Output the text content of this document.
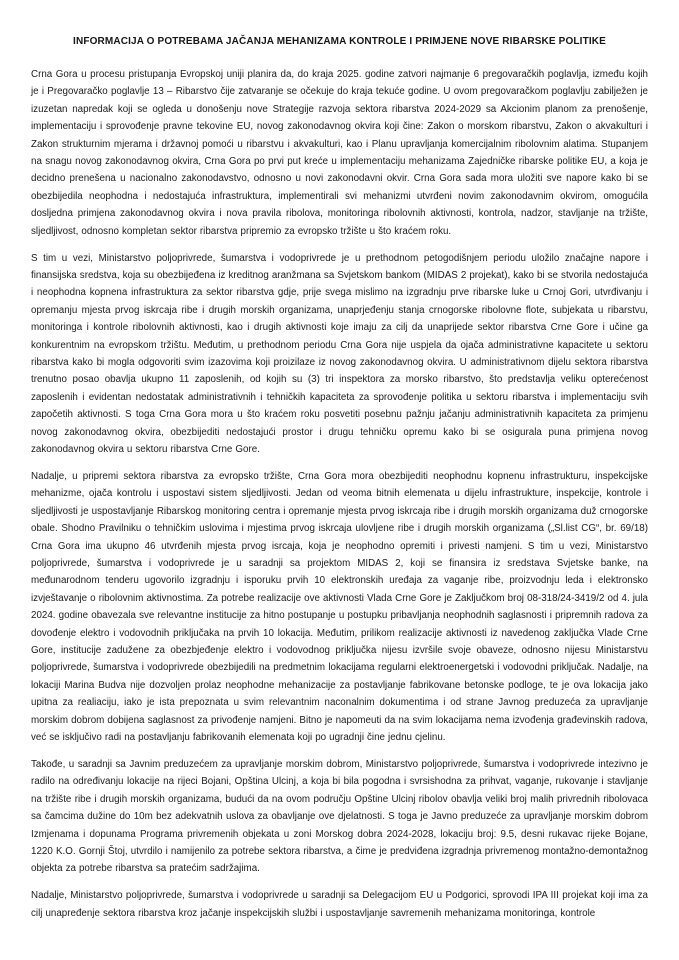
INFORMACIJA O POTREBAMA JAČANJA MEHANIZAMA KONTROLE I PRIMJENE NOVE RIBARSKE POLITIKE

Crna Gora u procesu pristupanja Evropskoj uniji planira da, do kraja 2025. godine zatvori najmanje 6 pregovaračkih poglavlja, između kojih je i Pregovaračko poglavlje 13 – Ribarstvo čije zatvaranje se očekuje do kraja tekuće godine. U ovom pregovaračkom poglavlju zabilježen je izuzetan napredak koji se ogleda u donošenju nove Strategije razvoja sektora ribarstva 2024-2029 sa Akcionim planom za prenošenje, implementaciju i sprovođenje pravne tekovine EU, novog zakonodavnog okvira koji čine: Zakon o morskom ribarstvu, Zakon o akvakulturi i Zakon strukturnim mjerama i državnoj pomoći u ribarstvu i akvakulturi, kao i Planu upravljanja komercijalnim ribolovnim alatima. Stupanjem na snagu novog zakonodavnog okvira, Crna Gora po prvi put kreće u implementaciju mehanizama Zajedničke ribarske politike EU, a koja je decidno prenešena u nacionalno zakonodavstvo, odnosno u novi zakonodavni okvir. Crna Gora sada mora uložiti sve napore kako bi se obezbijedila neophodna i nedostajuća infrastruktura, implementirali svi mehanizmi utvrđeni novim zakonodavnim okvirom, omogućila dosljedna primjena zakonodavnog okvira i nova pravila ribolova, monitoringa ribolovnih aktivnosti, kontrola, nadzor, stavljanje na tržište, sljedljivost, odnosno kompletan sektor ribarstva pripremio za evropsko tržište u što kraćem roku.

S tim u vezi, Ministarstvo poljoprivrede, šumarstva i vodoprivrede je u prethodnom petogodišnjem periodu uložilo značajne napore i finansijska sredstva, koja su obezbijeđena iz kreditnog aranžmana sa Svjetskom bankom (MIDAS 2 projekat), kako bi se stvorila nedostajuća i neophodna kopnena infrastruktura za sektor ribarstva gdje, prije svega mislimo na izgradnju prve ribarske luke u Crnoj Gori, utvrđivanju i opremanju mjesta prvog iskrcaja ribe i drugih morskih organizama, unaprjeđenju stanja crnogorske ribolovne flote, subjekata u ribarstvu, monitoringa i kontrole ribolovnih aktivnosti, kao i drugih aktivnosti koje imaju za cilj da unaprijede sektor ribarstva Crne Gore i učine ga konkurentnim na evropskom tržištu. Međutim, u prethodnom periodu Crna Gora nije uspjela da ojača administrativne kapacitete u sektoru ribarstva kako bi mogla odgovoriti svim izazovima koji proizilaze iz novog zakonodavnog okvira. U administrativnom dijelu sektora ribarstva trenutno posao obavlja ukupno 11 zaposlenih, od kojih su (3) tri inspektora za morsko ribarstvo, što predstavlja veliku opterećenost zaposlenih i evidentan nedostatak administrativnih i tehničkih kapaciteta za sprovođenje politika u sektoru ribarstva i implementaciju svih započetih aktivnosti. S toga Crna Gora mora u što kraćem roku posvetiti posebnu pažnju jačanju administrativnih kapaciteta za primjenu novog zakonodavnog okvira, obezbijediti nedostajući prostor i drugu tehničku opremu kako bi se osigurala puna primjena novog zakonodavnog okvira u sektoru ribarstva Crne Gore.

Nadalje, u pripremi sektora ribarstva za evropsko tržište, Crna Gora mora obezbijediti neophodnu kopnenu infrastrukturu, inspekcijske mehanizme, ojača kontrolu i uspostavi sistem sljedljivosti. Jedan od veoma bitnih elemenata u dijelu infrastrukture, inspekcije, kontrole i sljedljivosti je uspostavljanje Ribarskog monitoring centra i opremanje mjesta prvog iskrcaja ribe i drugih morskih organizama duž crnogorske obale. Shodno Pravilniku o tehničkim uslovima i mjestima prvog iskrcaja ulovljene ribe i drugih morskih organizama („Sl.list CG“, br. 69/18) Crna Gora ima ukupno 46 utvrđenih mjesta prvog isrcaja, koja je neophodno opremiti i privesti namjeni. S tim u vezi, Ministarstvo poljoprivrede, šumarstva i vodoprivrede je u saradnji sa projektom MIDAS 2, koji se finansira iz sredstava Svjetske banke, na međunarodnom tenderu ugovorilo izgradnju i isporuku prvih 10 elektronskih uređaja za vaganje ribe, proizvodnju leda i elektronsko izvještavanje o ribolovnim aktivnostima. Za potrebe realizacije ove aktivnosti Vlada Crne Gore je Zaključkom broj 08-318/24-3419/2 od 4. jula 2024. godine obavezala sve relevantne institucije za hitno postupanje u postupku pribavljanja neophodnih saglasnosti i pripremnih radova za dovođenje elektro i vodovodnih priključaka na prvih 10 lokacija. Međutim, prilikom realizacije aktivnosti iz navedenog zaključka Vlade Crne Gore, institucije zadužene za obezbjeđenje elektro i vodovodnog priključka nijesu izvršile svoje obaveze, odnosno nijesu Ministarstvu poljoprivrede, šumarstva i vodoprivrede obezbijedili na predmetnim lokacijama regularni elektroenergetski i vodovodni priključak. Nadalje, na lokaciji Marina Budva nije dozvoljen prolaz neophodne mehanizacije za postavljanje fabrikovane betonske podloge, te je ova lokacija jako upitna za realiaciju, iako je ista prepoznata u svim relevantnim naconalnim dokumentima i od strane Javnog preduzeća za upravljanje morskim dobrom dobijena saglasnost za privođenje namjeni. Bitno je napomeuti da na svim lokacijama nema izvođenja građevinskih radova, već se isključivo radi na postavljanju fabrikovanih elemenata koji po ugradnji čine jednu cjelinu.

Takođe, u saradnji sa Javnim preduzećem za upravljanje morskim dobrom, Ministarstvo poljoprivrede, šumarstva i vodoprivrede intezivno je radilo na određivanju lokacije na rijeci Bojani, Opština Ulcinj, a koja bi bila pogodna i svrsishodna za prihvat, vaganje, rukovanje i stavljanje na tržište ribe i drugih morskih organizama, budući da na ovom području Opštine Ulcinj ribolov obavlja veliki broj malih privrednih ribolovaca sa čamcima dužine do 10m bez adekvatnih uslova za obavljanje ove djelatnosti. S toga je Javno preduzeće za upravljanje morskim dobrom Izmjenama i dopunama Programa privremenih objekata u zoni Morskog dobra 2024-2028, lokaciju broj: 9.5, desni rukavac rijeke Bojane, 1220 K.O. Gornji Štoj, utvrdilo i namijenilo za potrebe sektora ribarstva, a čime je predviđena izgradnja privremenog montažno-demontažnog objekta za potrebe ribarstva sa pratećim sadržajima.

Nadalje, Ministarstvo poljoprivrede, šumarstva i vodoprivrede u saradnji sa Delegacijom EU u Podgorici, sprovodi IPA III projekat koji ima za cilj unapređenje sektora ribarstva kroz jačanje inspekcijskih službi i uspostavljanje savremenih mehanizama monitoringa, kontrole
